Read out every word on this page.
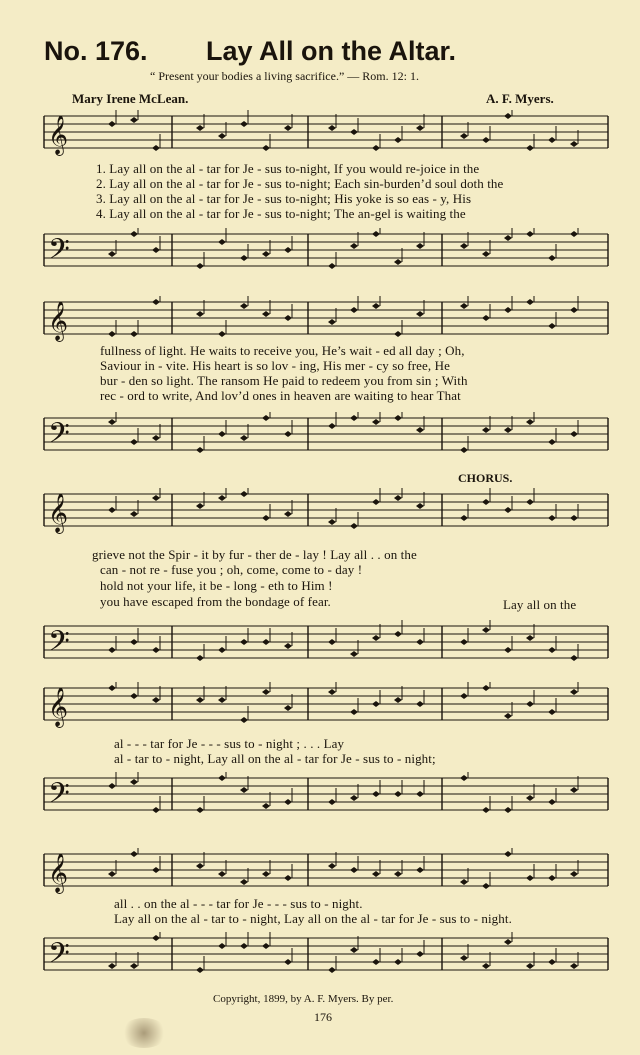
No. 176. Lay All on the Altar.
“ Present your bodies a living sacrifice.” — Rom. 12: 1.
Mary Irene McLean.	A. F. Myers.
𝄞
1. Lay all on the al - tar for Je - sus to-night, If you would re-joice in the
2. Lay all on the al - tar for Je - sus to-night; Each sin-burden’d soul doth the
3. Lay all on the al - tar for Je - sus to-night; His yoke is so eas - y, His
4. Lay all on the al - tar for Je - sus to-night; The an-gel is waiting the
𝄢
𝄞
fullness of light. He waits to receive you, He’s wait - ed all day ; Oh,
Saviour in - vite. His heart is so lov - ing, His mer - cy so free, He
bur - den so light. The ransom He paid to redeem you from sin ; With
rec - ord to write, And lov’d ones in heaven are waiting to hear That
𝄢
CHORUS.
𝄞
grieve not the Spir - it by fur - ther de - lay ! Lay all . . on the
can - not re - fuse you ; oh, come, come to - day !
hold not your life, it be - long - eth to Him !
you have escaped from the bondage of fear.	Lay all on the
𝄢
𝄞
al - - - tar for Je - - - sus to - night ; . . . Lay
al - tar to - night, Lay all on the al - tar for Je - sus to - night;
𝄢
𝄞
all . . on the al - - - tar for Je - - - sus to - night.
Lay all on the al - tar to - night, Lay all on the al - tar for Je - sus to - night.
𝄢
Copyright, 1899, by A. F. Myers. By per.
176
